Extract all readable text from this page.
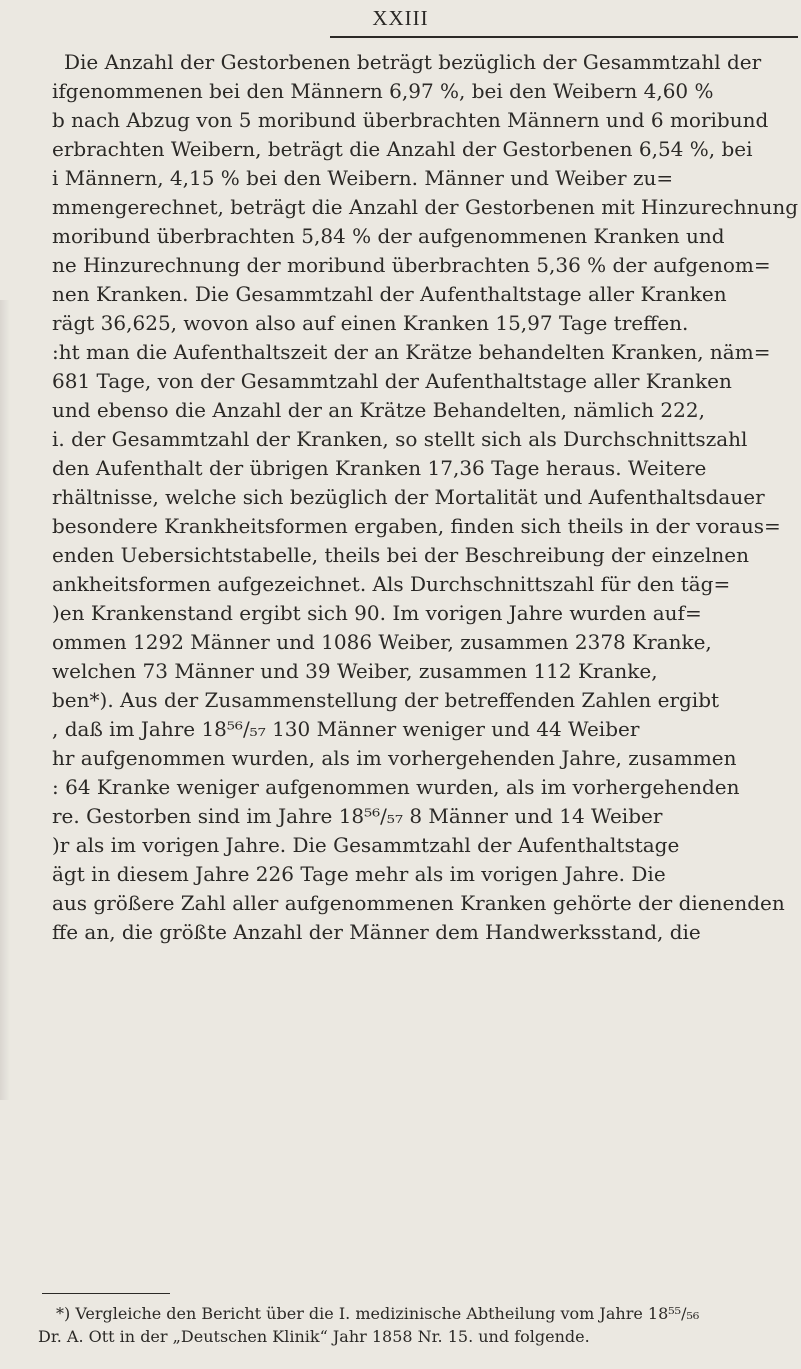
XXIII
Die Anzahl der Gestorbenen beträgt bezüglich der Gesammtzahl der
ifgenommenen bei den Männern 6,97 %, bei den Weibern 4,60 %
b nach Abzug von 5 moribund überbrachten Männern und 6 moribund
erbrachten Weibern, beträgt die Anzahl der Gestorbenen 6,54 %, bei
i Männern, 4,15 % bei den Weibern. Männer und Weiber zu=
mmengerechnet, beträgt die Anzahl der Gestorbenen mit Hinzurechnung
moribund überbrachten 5,84 % der aufgenommenen Kranken und
ne Hinzurechnung der moribund überbrachten 5,36 % der aufgenom=
nen Kranken. Die Gesammtzahl der Aufenthaltstage aller Kranken
rägt 36,625, wovon also auf einen Kranken 15,97 Tage treffen.
:ht man die Aufenthaltszeit der an Krätze behandelten Kranken, näm=
681 Tage, von der Gesammtzahl der Aufenthaltstage aller Kranken
und ebenso die Anzahl der an Krätze Behandelten, nämlich 222,
i. der Gesammtzahl der Kranken, so stellt sich als Durchschnittszahl
den Aufenthalt der übrigen Kranken 17,36 Tage heraus. Weitere
rhältnisse, welche sich bezüglich der Mortalität und Aufenthaltsdauer
besondere Krankheitsformen ergaben, finden sich theils in der voraus=
enden Uebersichtstabelle, theils bei der Beschreibung der einzelnen
ankheitsformen aufgezeichnet. Als Durchschnittszahl für den täg=
)en Krankenstand ergibt sich 90. Im vorigen Jahre wurden auf=
ommen 1292 Männer und 1086 Weiber, zusammen 2378 Kranke,
welchen 73 Männer und 39 Weiber, zusammen 112 Kranke,
ben*). Aus der Zusammenstellung der betreffenden Zahlen ergibt
, daß im Jahre 18⁵⁶/₅₇ 130 Männer weniger und 44 Weiber
hr aufgenommen wurden, als im vorhergehenden Jahre, zusammen
: 64 Kranke weniger aufgenommen wurden, als im vorhergehenden
re. Gestorben sind im Jahre 18⁵⁶/₅₇ 8 Männer und 14 Weiber
)r als im vorigen Jahre. Die Gesammtzahl der Aufenthaltstage
ägt in diesem Jahre 226 Tage mehr als im vorigen Jahre. Die
aus größere Zahl aller aufgenommenen Kranken gehörte der dienenden
ffe an, die größte Anzahl der Männer dem Handwerksstand, die
*) Vergleiche den Bericht über die I. medizinische Abtheilung vom Jahre 18⁵⁵/₅₆
Dr. A. Ott in der „Deutschen Klinik“ Jahr 1858 Nr. 15. und folgende.
